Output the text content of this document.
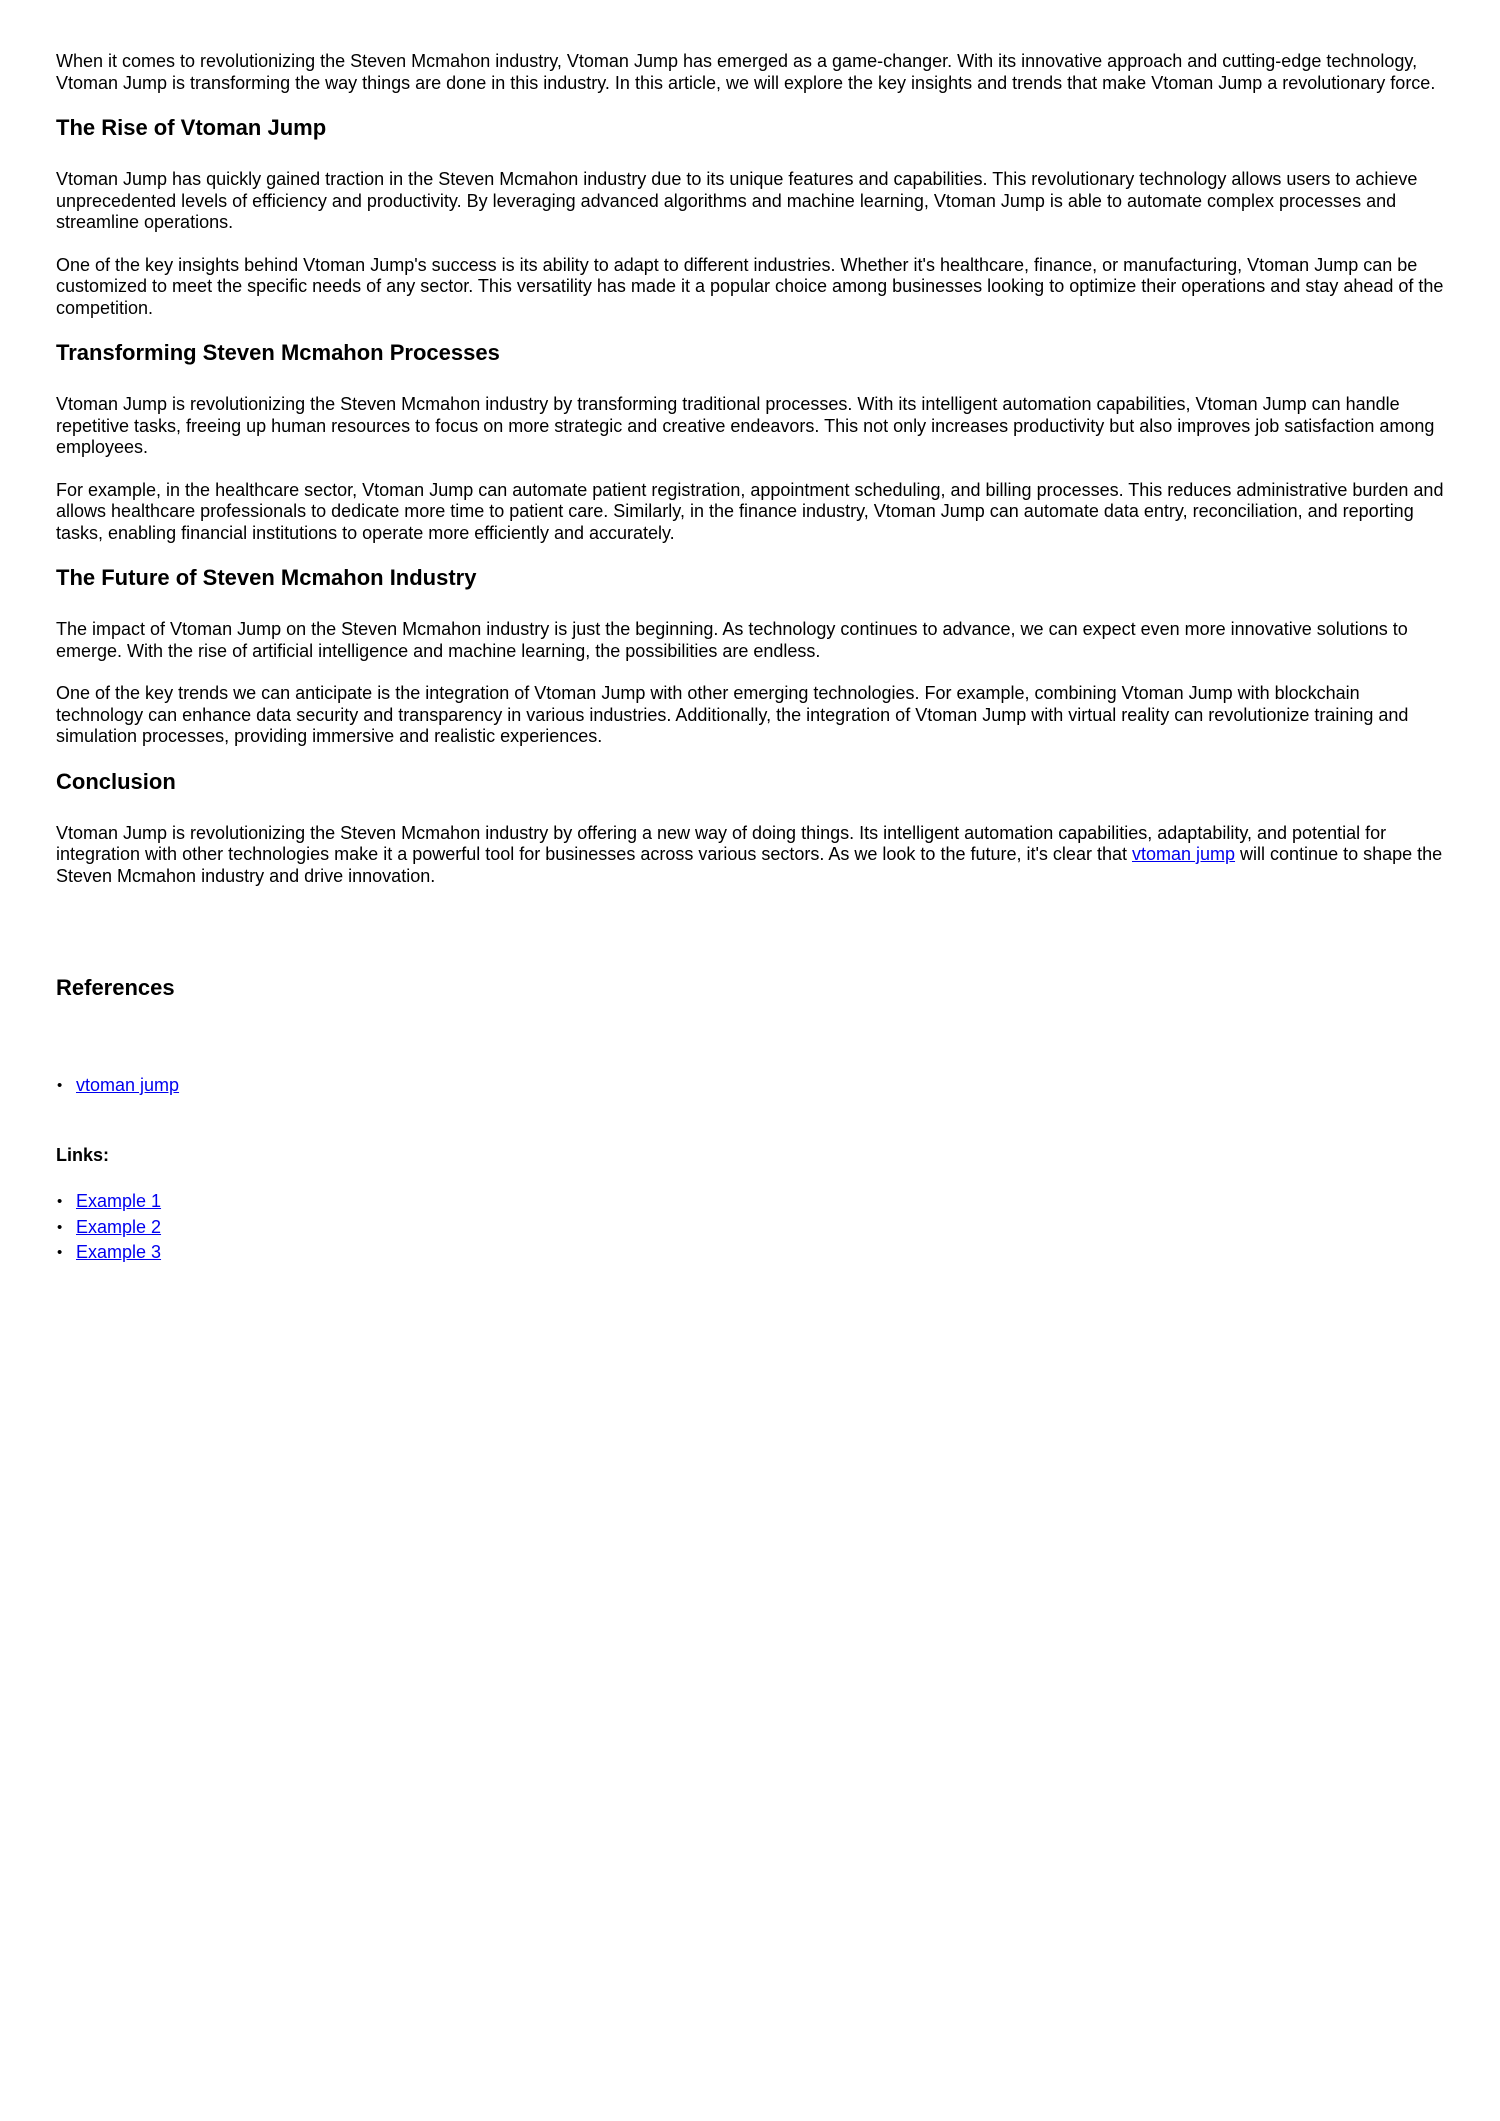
When it comes to revolutionizing the Steven Mcmahon industry, Vtoman Jump has emerged as a game-changer. With its innovative approach and cutting-edge technology, Vtoman Jump is transforming the way things are done in this industry. In this article, we will explore the key insights and trends that make Vtoman Jump a revolutionary force.

The Rise of Vtoman Jump

Vtoman Jump has quickly gained traction in the Steven Mcmahon industry due to its unique features and capabilities. This revolutionary technology allows users to achieve unprecedented levels of efficiency and productivity. By leveraging advanced algorithms and machine learning, Vtoman Jump is able to automate complex processes and streamline operations.

One of the key insights behind Vtoman Jump's success is its ability to adapt to different industries. Whether it's healthcare, finance, or manufacturing, Vtoman Jump can be customized to meet the specific needs of any sector. This versatility has made it a popular choice among businesses looking to optimize their operations and stay ahead of the competition.

Transforming Steven Mcmahon Processes

Vtoman Jump is revolutionizing the Steven Mcmahon industry by transforming traditional processes. With its intelligent automation capabilities, Vtoman Jump can handle repetitive tasks, freeing up human resources to focus on more strategic and creative endeavors. This not only increases productivity but also improves job satisfaction among employees.

For example, in the healthcare sector, Vtoman Jump can automate patient registration, appointment scheduling, and billing processes. This reduces administrative burden and allows healthcare professionals to dedicate more time to patient care. Similarly, in the finance industry, Vtoman Jump can automate data entry, reconciliation, and reporting tasks, enabling financial institutions to operate more efficiently and accurately.

The Future of Steven Mcmahon Industry

The impact of Vtoman Jump on the Steven Mcmahon industry is just the beginning. As technology continues to advance, we can expect even more innovative solutions to emerge. With the rise of artificial intelligence and machine learning, the possibilities are endless.

One of the key trends we can anticipate is the integration of Vtoman Jump with other emerging technologies. For example, combining Vtoman Jump with blockchain technology can enhance data security and transparency in various industries. Additionally, the integration of Vtoman Jump with virtual reality can revolutionize training and simulation processes, providing immersive and realistic experiences.

Conclusion

Vtoman Jump is revolutionizing the Steven Mcmahon industry by offering a new way of doing things. Its intelligent automation capabilities, adaptability, and potential for integration with other technologies make it a powerful tool for businesses across various sectors. As we look to the future, it's clear that vtoman jump will continue to shape the Steven Mcmahon industry and drive innovation.

References
• vtoman jump

Links:

• Example 1
• Example 2
• Example 3
